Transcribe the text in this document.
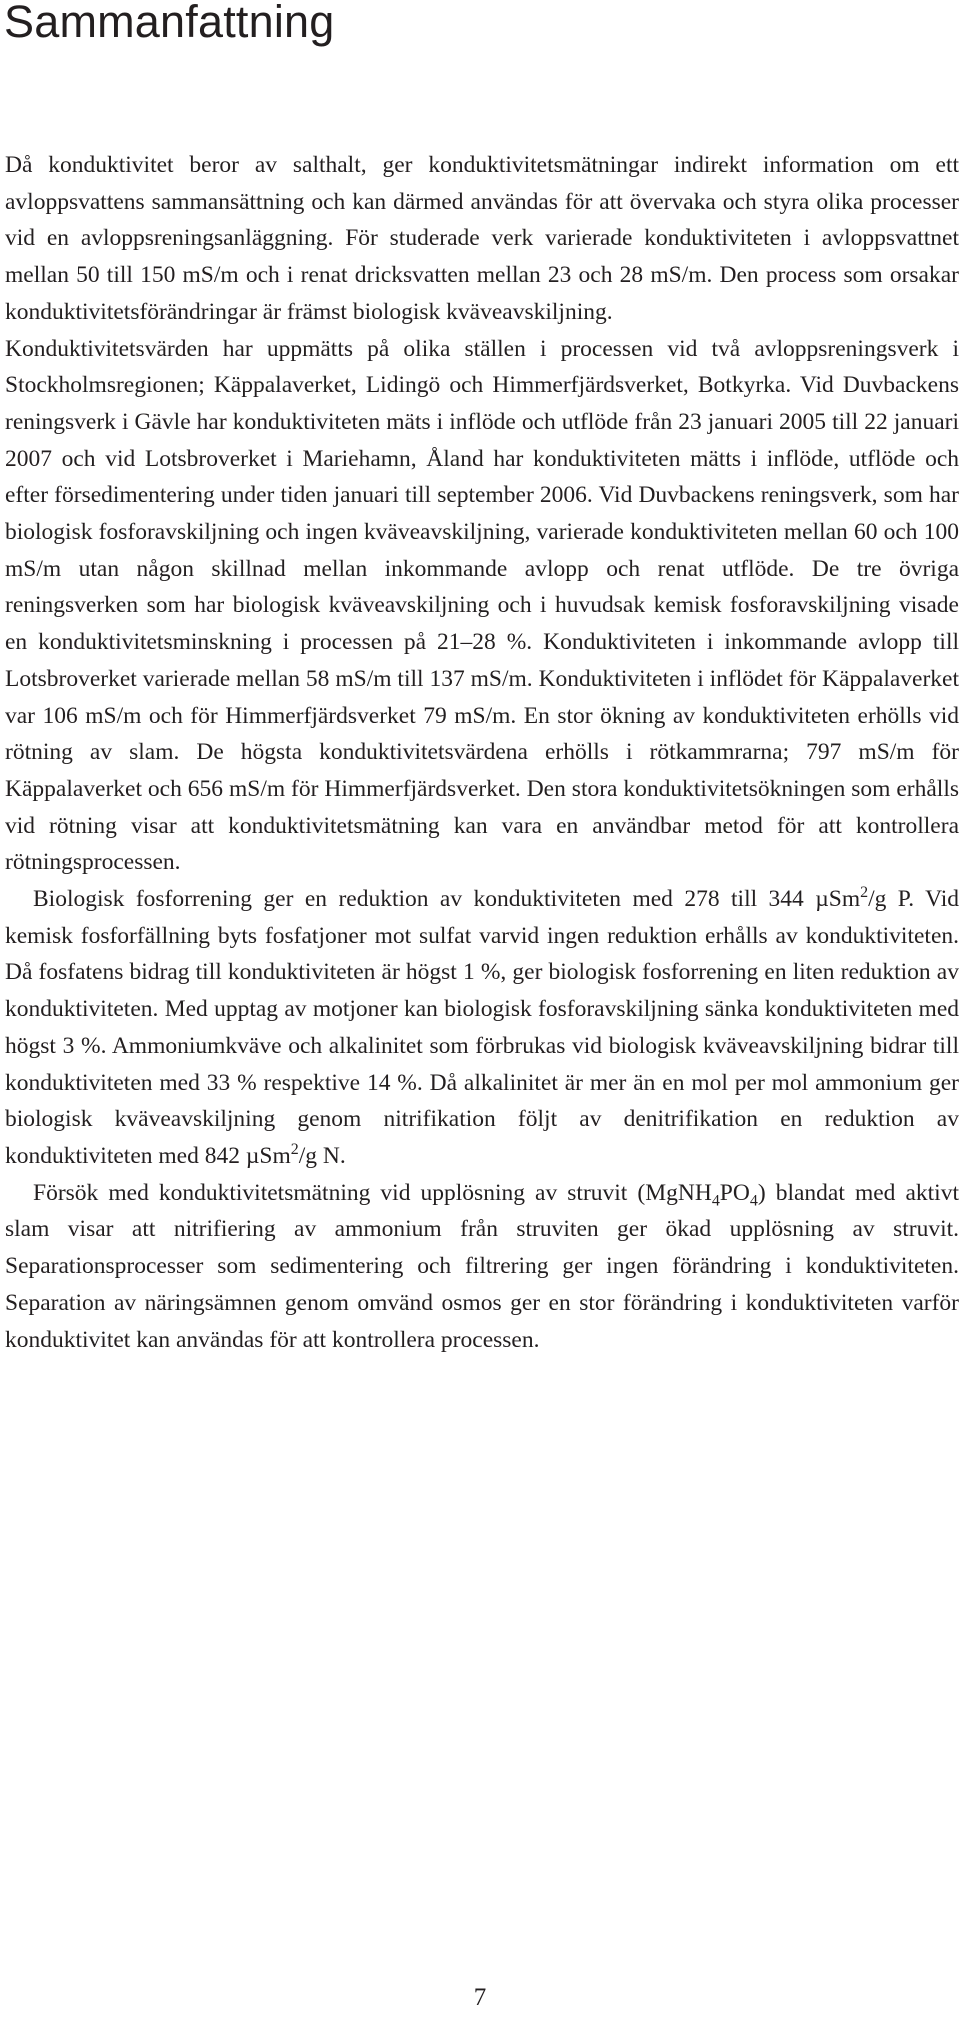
Sammanfattning

Då konduktivitet beror av salthalt, ger konduktivitetsmätningar indirekt information om ett avloppsvattens sammansättning och kan därmed användas för att övervaka och styra olika processer vid en avloppsreningsanläggning. För studerade verk varierade konduktiviteten i avloppsvattnet mellan 50 till 150 mS/m och i renat dricksvatten mellan 23 och 28 mS/m. Den process som orsakar konduktivitetsförändringar är främst biologisk kväveavskiljning.

Konduktivitetsvärden har uppmätts på olika ställen i processen vid två avloppsreningsverk i Stockholmsregionen; Käppalaverket, Lidingö och Himmerfjärdsverket, Botkyrka. Vid Duvbackens reningsverk i Gävle har konduktiviteten mäts i inflöde och utflöde från 23 januari 2005 till 22 januari 2007 och vid Lotsbroverket i Mariehamn, Åland har konduktiviteten mätts i inflöde, utflöde och efter försedimentering under tiden januari till september 2006. Vid Duvbackens reningsverk, som har biologisk fosforavskiljning och ingen kväveavskiljning, varierade konduktiviteten mellan 60 och 100 mS/m utan någon skillnad mellan inkommande avlopp och renat utflöde. De tre övriga reningsverken som har biologisk kväveavskiljning och i huvudsak kemisk fosforavskiljning visade en konduktivitetsminskning i processen på 21–28 %. Konduktiviteten i inkommande avlopp till Lotsbroverket varierade mellan 58 mS/m till 137 mS/m. Konduktiviteten i inflödet för Käppalaverket var 106 mS/m och för Himmerfjärdsverket 79 mS/m. En stor ökning av konduktiviteten erhölls vid rötning av slam. De högsta konduktivitetsvärdena erhölls i rötkammrarna; 797 mS/m för Käppalaverket och 656 mS/m för Himmerfjärdsverket. Den stora konduktivitetsökningen som erhålls vid rötning visar att konduktivitetsmätning kan vara en användbar metod för att kontrollera rötningsprocessen.

Biologisk fosforrening ger en reduktion av konduktiviteten med 278 till 344 µSm$^2$/g P. Vid kemisk fosforfällning byts fosfatjoner mot sulfat varvid ingen reduktion erhålls av konduktiviteten. Då fosfatens bidrag till konduktiviteten är högst 1 %, ger biologisk fosforrening en liten reduktion av konduktiviteten. Med upptag av motjoner kan biologisk fosforavskiljning sänka konduktiviteten med högst 3 %. Ammoniumkväve och alkalinitet som förbrukas vid biologisk kväveavskiljning bidrar till konduktiviteten med 33 % respektive 14 %. Då alkalinitet är mer än en mol per mol ammonium ger biologisk kväveavskiljning genom nitrifikation följt av denitrifikation en reduktion av konduktiviteten med 842 µSm$^2$/g N.

Försök med konduktivitetsmätning vid upplösning av struvit $(MgNH_4PO_4)$ blandat med aktivt slam visar att nitrifiering av ammonium från struviten ger ökad upplösning av struvit. Separationsprocesser som sedimentering och filtrering ger ingen förändring i konduktiviteten. Separation av näringsämnen genom omvänd osmos ger en stor förändring i konduktiviteten varför konduktivitet kan användas för att kontrollera processen.

7
